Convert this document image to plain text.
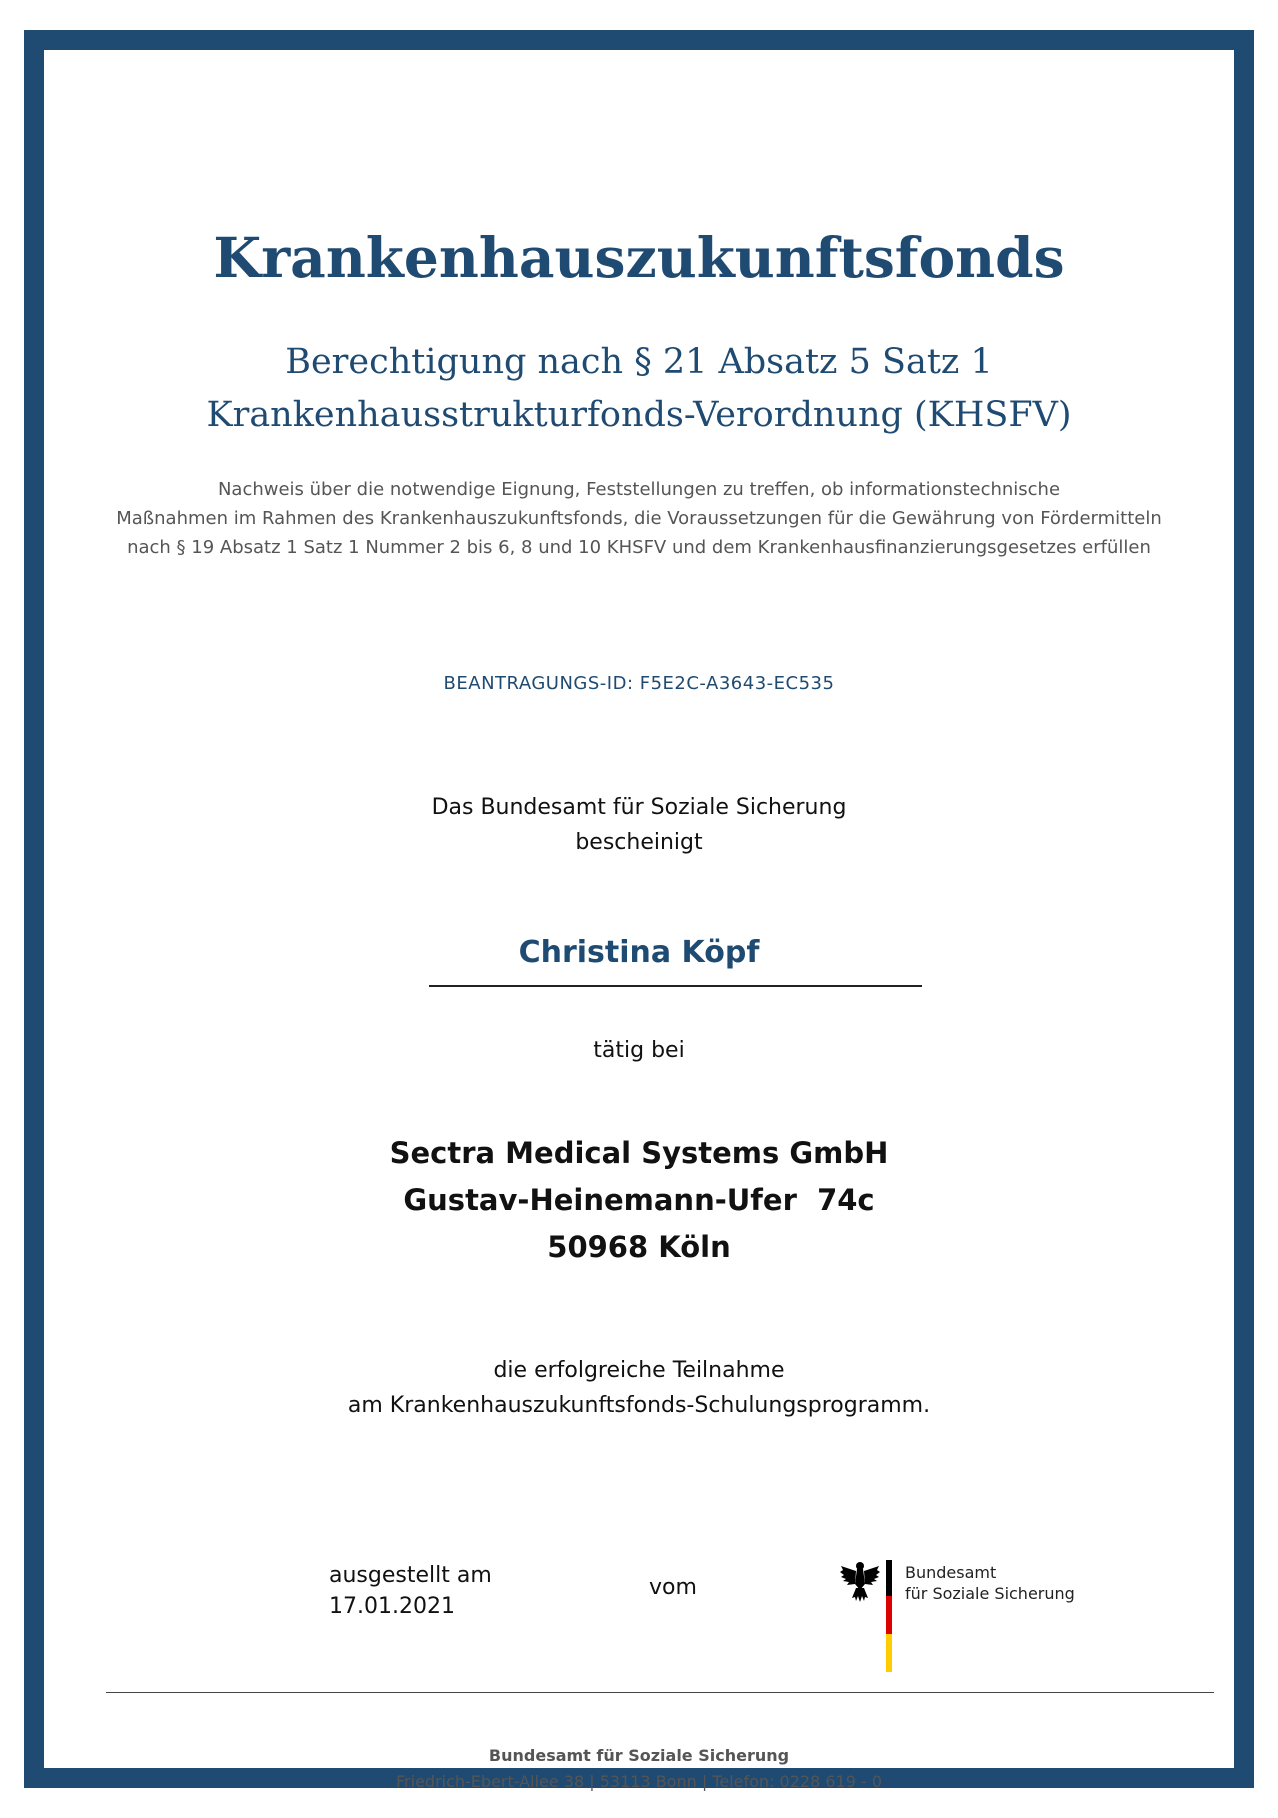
Krankenhauszukunftsfonds
Berechtigung nach § 21 Absatz 5 Satz 1
Krankenhausstrukturfonds-Verordnung (KHSFV)
Nachweis über die notwendige Eignung, Feststellungen zu treffen, ob informationstechnische
Maßnahmen im Rahmen des Krankenhauszukunftsfonds, die Voraussetzungen für die Gewährung von Fördermitteln
nach § 19 Absatz 1 Satz 1 Nummer 2 bis 6, 8 und 10 KHSFV und dem Krankenhausfinanzierungsgesetzes erfüllen
BEANTRAGUNGS-ID: F5E2C-A3643-EC535
Das Bundesamt für Soziale Sicherung
bescheinigt
Christina Köpf
tätig bei
Sectra Medical Systems GmbH
Gustav-Heinemann-Ufer  74c
50968 Köln
die erfolgreiche Teilnahme
am Krankenhauszukunftsfonds-Schulungsprogramm.
ausgestellt am
17.01.2021
vom
Bundesamt
für Soziale Sicherung
Bundesamt für Soziale Sicherung
Friedrich-Ebert-Allee 38 | 53113 Bonn | Telefon: 0228 619 - 0
